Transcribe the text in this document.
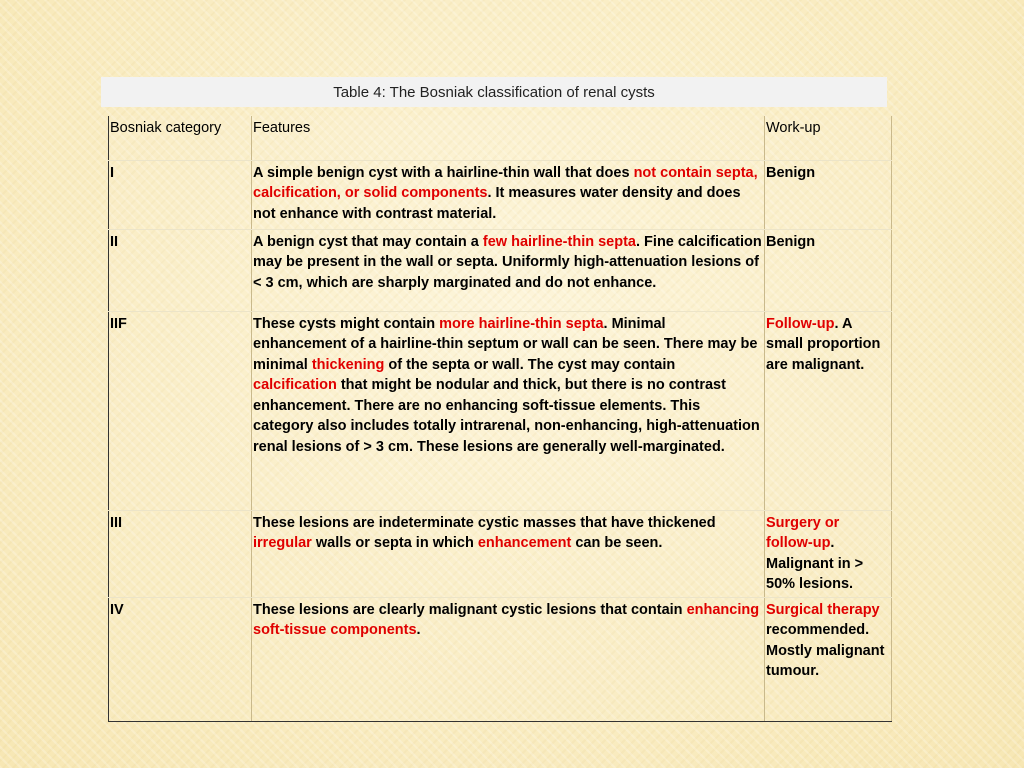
Table 4: The Bosniak classification of renal cysts
Bosniak category	Features	Work-up
I	A simple benign cyst with a hairline-thin wall that does not contain septa, calcification, or solid components. It measures water density and does not enhance with contrast material.	Benign
II	A benign cyst that may contain a few hairline-thin septa. Fine calcification may be present in the wall or septa. Uniformly high-attenuation lesions of < 3 cm, which are sharply marginated and do not enhance.	Benign
IIF	These cysts might contain more hairline-thin septa. Minimal enhancement of a hairline-thin septum or wall can be seen. There may be minimal thickening of the septa or wall. The cyst may contain calcification that might be nodular and thick, but there is no contrast enhancement. There are no enhancing soft-tissue elements. This category also includes totally intrarenal, non-enhancing, high-attenuation renal lesions of > 3 cm. These lesions are generally well-marginated.	Follow-up. A small proportion are malignant.
III	These lesions are indeterminate cystic masses that have thickened irregular walls or septa in which enhancement can be seen.	Surgery or follow-up. Malignant in > 50% lesions.
IV	These lesions are clearly malignant cystic lesions that contain enhancing soft-tissue components.	Surgical therapy recommended. Mostly malignant tumour.
